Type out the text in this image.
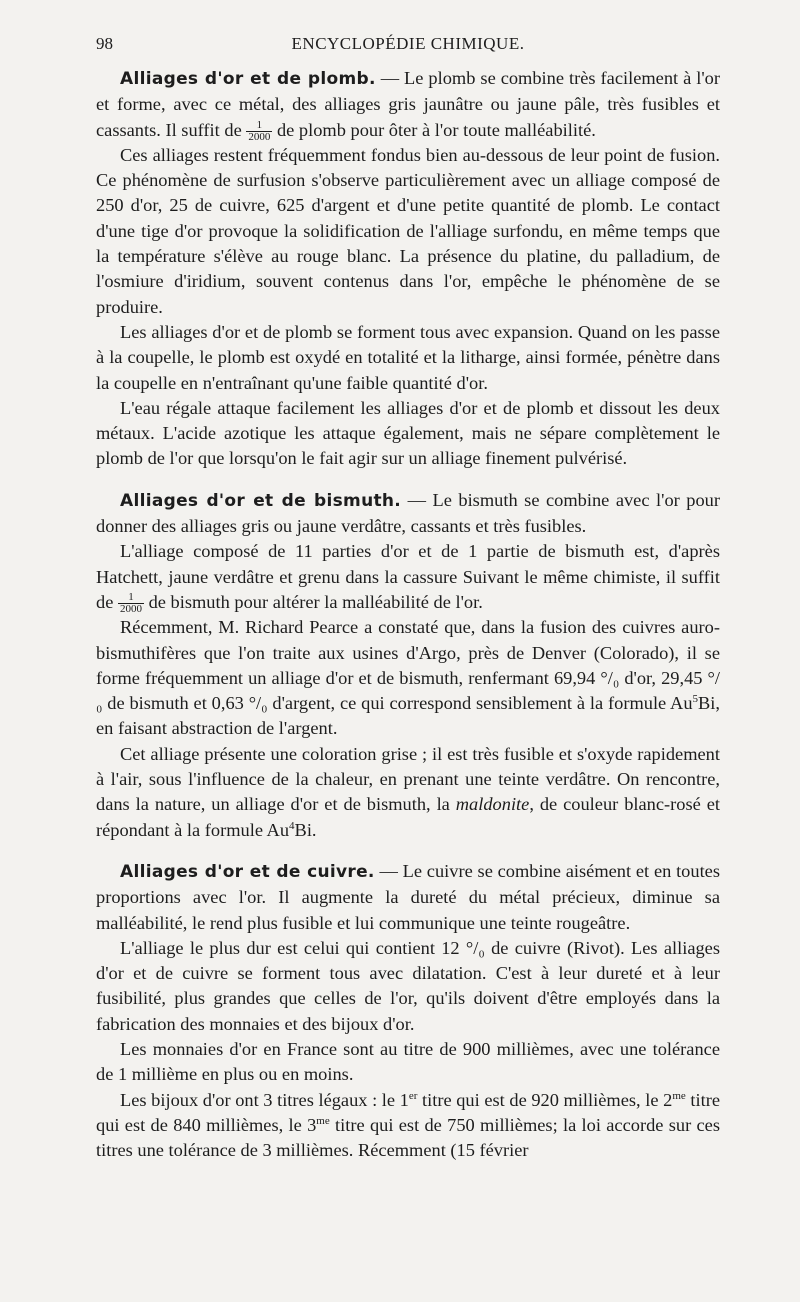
98	ENCYCLOPÉDIE CHIMIQUE.

Alliages d'or et de plomb. — Le plomb se combine très facilement à l'or et forme, avec ce métal, des alliages gris jaunâtre ou jaune pâle, très fusibles et cassants. Il suffit de $\frac{1}{2000}$ de plomb pour ôter à l'or toute malléabilité.

Ces alliages restent fréquemment fondus bien au-dessous de leur point de fusion. Ce phénomène de surfusion s'observe particulièrement avec un alliage composé de 250 d'or, 25 de cuivre, 625 d'argent et d'une petite quantité de plomb. Le contact d'une tige d'or provoque la solidification de l'alliage surfondu, en même temps que la température s'élève au rouge blanc. La présence du platine, du palladium, de l'osmiure d'iridium, souvent contenus dans l'or, empêche le phénomène de se produire.

Les alliages d'or et de plomb se forment tous avec expansion. Quand on les passe à la coupelle, le plomb est oxydé en totalité et la litharge, ainsi formée, pénètre dans la coupelle en n'entraînant qu'une faible quantité d'or.

L'eau régale attaque facilement les alliages d'or et de plomb et dissout les deux métaux. L'acide azotique les attaque également, mais ne sépare complètement le plomb de l'or que lorsqu'on le fait agir sur un alliage finement pulvérisé.

Alliages d'or et de bismuth. — Le bismuth se combine avec l'or pour donner des alliages gris ou jaune verdâtre, cassants et très fusibles.

L'alliage composé de 11 parties d'or et de 1 partie de bismuth est, d'après Hatchett, jaune verdâtre et grenu dans la cassure Suivant le même chimiste, il suffit de $\frac{1}{2000}$ de bismuth pour altérer la malléabilité de l'or.

Récemment, M. Richard Pearce a constaté que, dans la fusion des cuivres auro-bismuthifères que l'on traite aux usines d'Argo, près de Denver (Colorado), il se forme fréquemment un alliage d'or et de bismuth, renfermant 69,94 °/₀ d'or, 29,45 °/₀ de bismuth et 0,63 °/₀ d'argent, ce qui correspond sensiblement à la formule Au$^5$Bi, en faisant abstraction de l'argent.

Cet alliage présente une coloration grise ; il est très fusible et s'oxyde rapidement à l'air, sous l'influence de la chaleur, en prenant une teinte verdâtre. On rencontre, dans la nature, un alliage d'or et de bismuth, la maldonite, de couleur blanc-rosé et répondant à la formule Au$^4$Bi.

Alliages d'or et de cuivre. — Le cuivre se combine aisément et en toutes proportions avec l'or. Il augmente la dureté du métal précieux, diminue sa malléabilité, le rend plus fusible et lui communique une teinte rougeâtre.

L'alliage le plus dur est celui qui contient 12 °/₀ de cuivre (Rivot). Les alliages d'or et de cuivre se forment tous avec dilatation. C'est à leur dureté et à leur fusibilité, plus grandes que celles de l'or, qu'ils doivent d'être employés dans la fabrication des monnaies et des bijoux d'or.

Les monnaies d'or en France sont au titre de 900 millièmes, avec une tolérance de 1 millième en plus ou en moins.

Les bijoux d'or ont 3 titres légaux : le 1er titre qui est de 920 millièmes, le $2^{me}$ titre qui est de 840 millièmes, le $3^{me}$ titre qui est de 750 millièmes; la loi accorde sur ces titres une tolérance de 3 millièmes. Récemment (15 février
